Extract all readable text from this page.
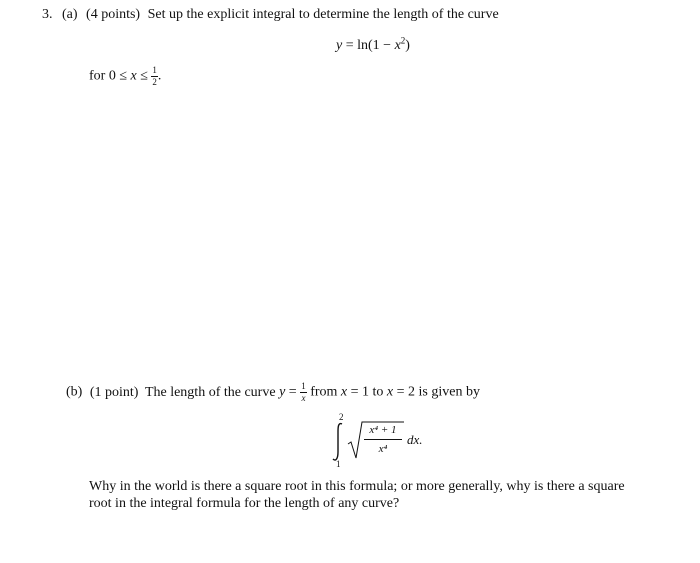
3. (a) (4 points) Set up the explicit integral to determine the length of the curve
$y = \ln(1 - x^2)$
for $0 \le x \le \frac{1}{2}$ .
(b) (1 point) The length of the curve $y = \frac{1}{x}$ from x = 1 to x = 2 is given by
2
1
x⁴ + 1
x⁴
dx.
Why in the world is there a square root in this formula; or more generally, why is there a square
root in the integral formula for the length of any curve?
